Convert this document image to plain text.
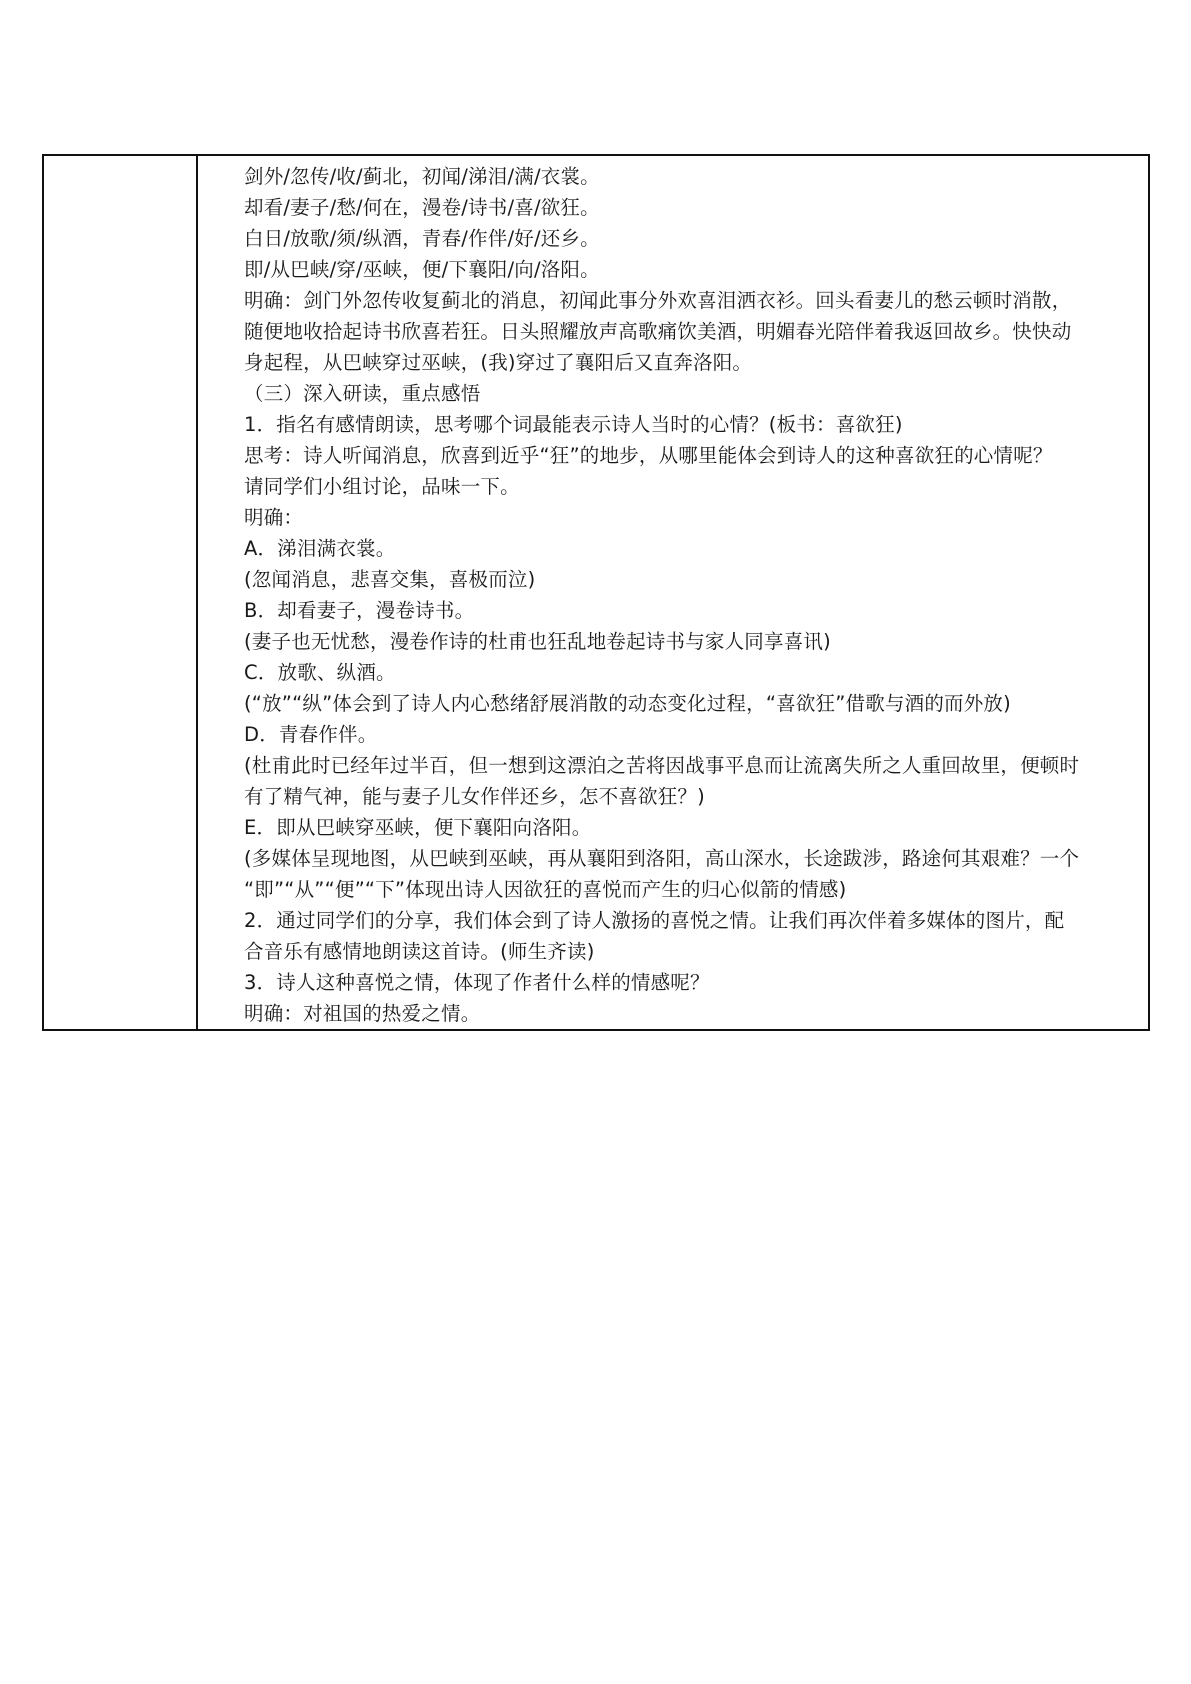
剑外/忽传/收/蓟北，初闻/涕泪/满/衣裳。
却看/妻子/愁/何在，漫卷/诗书/喜/欲狂。
白日/放歌/须/纵酒，青春/作伴/好/还乡。
即/从巴峡/穿/巫峡，便/下襄阳/向/洛阳。
明确：剑门外忽传收复蓟北的消息，初闻此事分外欢喜泪洒衣衫。回头看妻儿的愁云顿时消散，
随便地收拾起诗书欣喜若狂。日头照耀放声高歌痛饮美酒，明媚春光陪伴着我返回故乡。快快动
身起程，从巴峡穿过巫峡，(我)穿过了襄阳后又直奔洛阳。
（三）深入研读，重点感悟
1．指名有感情朗读，思考哪个词最能表示诗人当时的心情？(板书：喜欲狂)
思考：诗人听闻消息，欣喜到近乎“狂”的地步，从哪里能体会到诗人的这种喜欲狂的心情呢？
请同学们小组讨论，品味一下。
明确：
A．涕泪满衣裳。
(忽闻消息，悲喜交集，喜极而泣)
B．却看妻子，漫卷诗书。
(妻子也无忧愁，漫卷作诗的杜甫也狂乱地卷起诗书与家人同享喜讯)
C．放歌、纵酒。
(“放”“纵”体会到了诗人内心愁绪舒展消散的动态变化过程，“喜欲狂”借歌与酒的而外放)
D．青春作伴。
(杜甫此时已经年过半百，但一想到这漂泊之苦将因战事平息而让流离失所之人重回故里，便顿时
有了精气神，能与妻子儿女作伴还乡，怎不喜欲狂？)
E．即从巴峡穿巫峡，便下襄阳向洛阳。
(多媒体呈现地图，从巴峡到巫峡，再从襄阳到洛阳，高山深水，长途跋涉，路途何其艰难？一个
“即”“从”“便”“下”体现出诗人因欲狂的喜悦而产生的归心似箭的情感)
2．通过同学们的分享，我们体会到了诗人激扬的喜悦之情。让我们再次伴着多媒体的图片，配
合音乐有感情地朗读这首诗。(师生齐读)
3．诗人这种喜悦之情，体现了作者什么样的情感呢？
明确：对祖国的热爱之情。
